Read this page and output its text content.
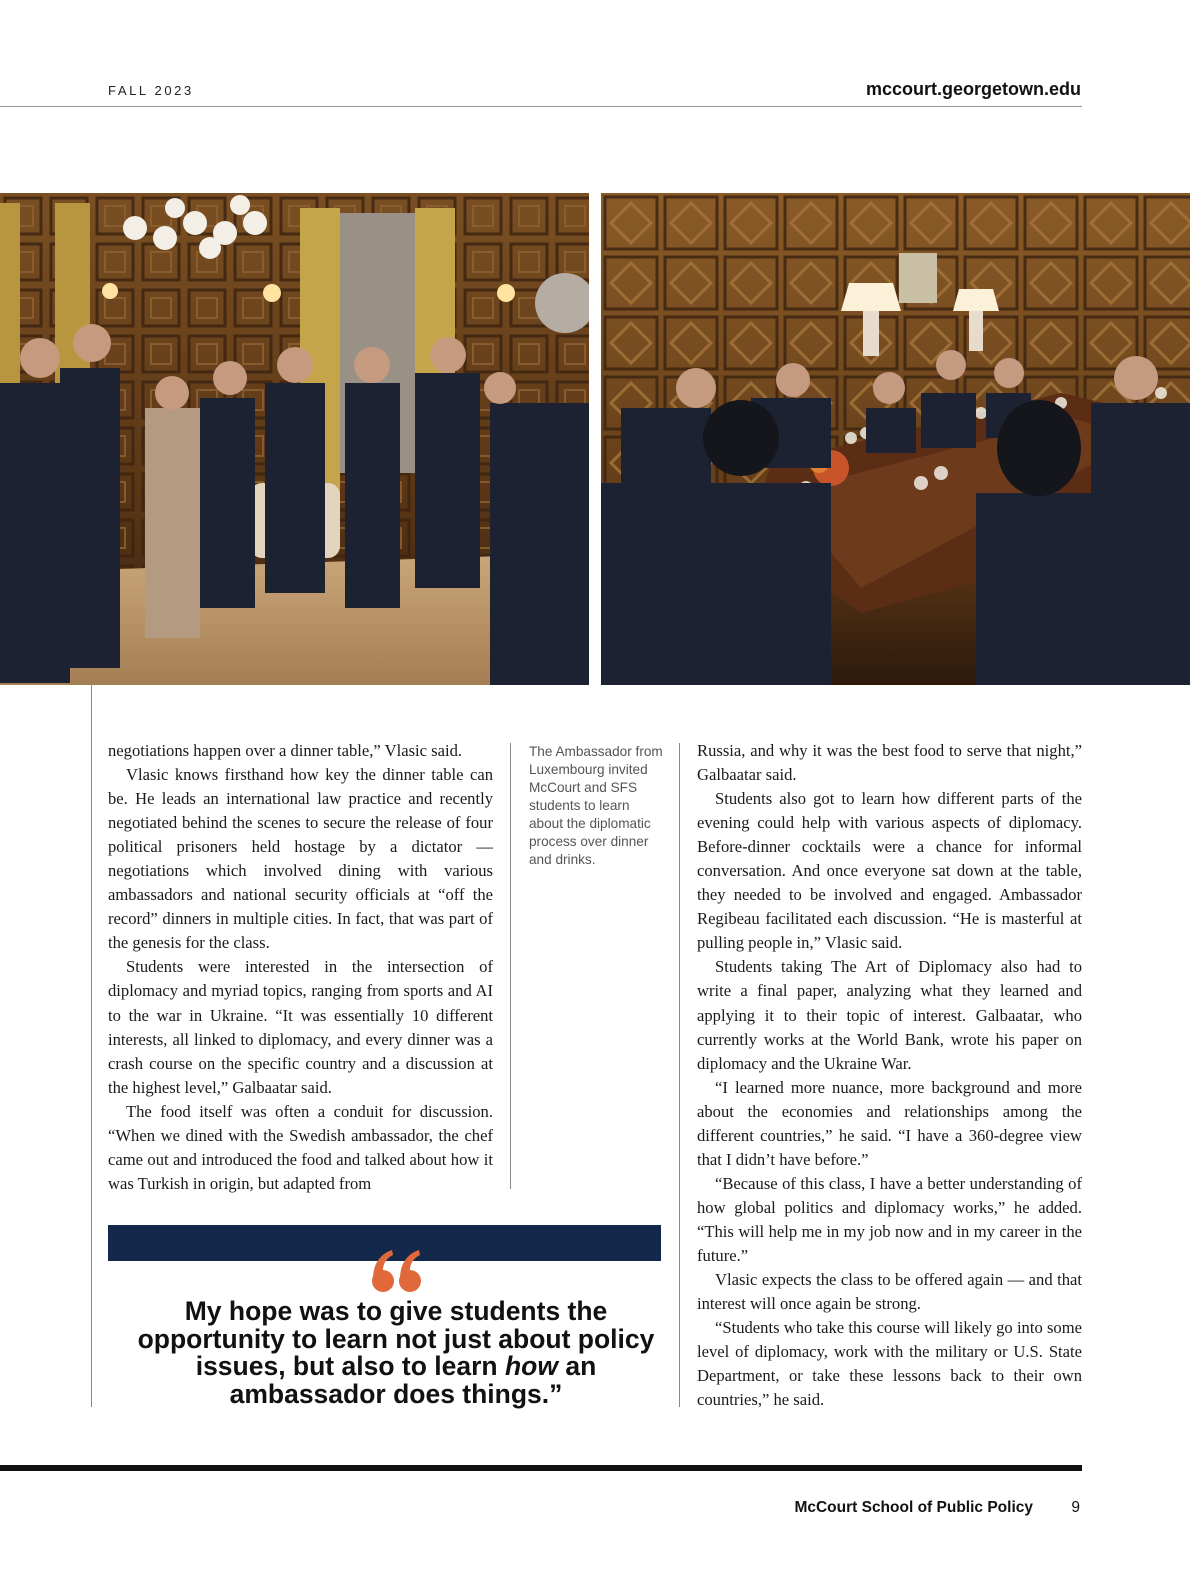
FALL 2023	mccourt.georgetown.edu

negotiations happen over a dinner table,” Vlasic said.

Vlasic knows firsthand how key the dinner table can be. He leads an international law practice and recently negotiated behind the scenes to secure the release of four political prisoners held hostage by a dictator — negotiations which involved dining with various ambassadors and national security officials at “off the record” dinners in multiple cities. In fact, that was part of the genesis for the class.

Students were interested in the intersection of diplomacy and myriad topics, ranging from sports and AI to the war in Ukraine. “It was essentially 10 different interests, all linked to diplomacy, and every dinner was a crash course on the specific country and a discussion at the highest level,” Galbaatar said.

The food itself was often a conduit for discussion. “When we dined with the Swedish ambassador, the chef came out and introduced the food and talked about how it was Turkish in origin, but adapted from

The Ambassador from Luxembourg invited McCourt and SFS students to learn about the diplomatic process over dinner and drinks.

Russia, and why it was the best food to serve that night,” Galbaatar said.

Students also got to learn how different parts of the evening could help with various aspects of diplomacy. Before-dinner cocktails were a chance for informal conversation. And once everyone sat down at the table, they needed to be involved and engaged. Ambassador Regibeau facilitated each discussion. “He is masterful at pulling people in,” Vlasic said.

Students taking The Art of Diplomacy also had to write a final paper, analyzing what they learned and applying it to their topic of interest. Galbaatar, who currently works at the World Bank, wrote his paper on diplomacy and the Ukraine War.

“I learned more nuance, more background and more about the economies and relationships among the different countries,” he said. “I have a 360-degree view that I didn’t have before.”

“Because of this class, I have a better understanding of how global politics and diplomacy works,” he added. “This will help me in my job now and in my career in the future.”

Vlasic expects the class to be offered again — and that interest will once again be strong.

“Students who take this course will likely go into some level of diplomacy, work with the military or U.S. State Department, or take these lessons back to their own countries,” he said.

My hope was to give students the opportunity to learn not just about policy issues, but also to learn how an ambassador does things.”
McCourt School of Public Policy 9
